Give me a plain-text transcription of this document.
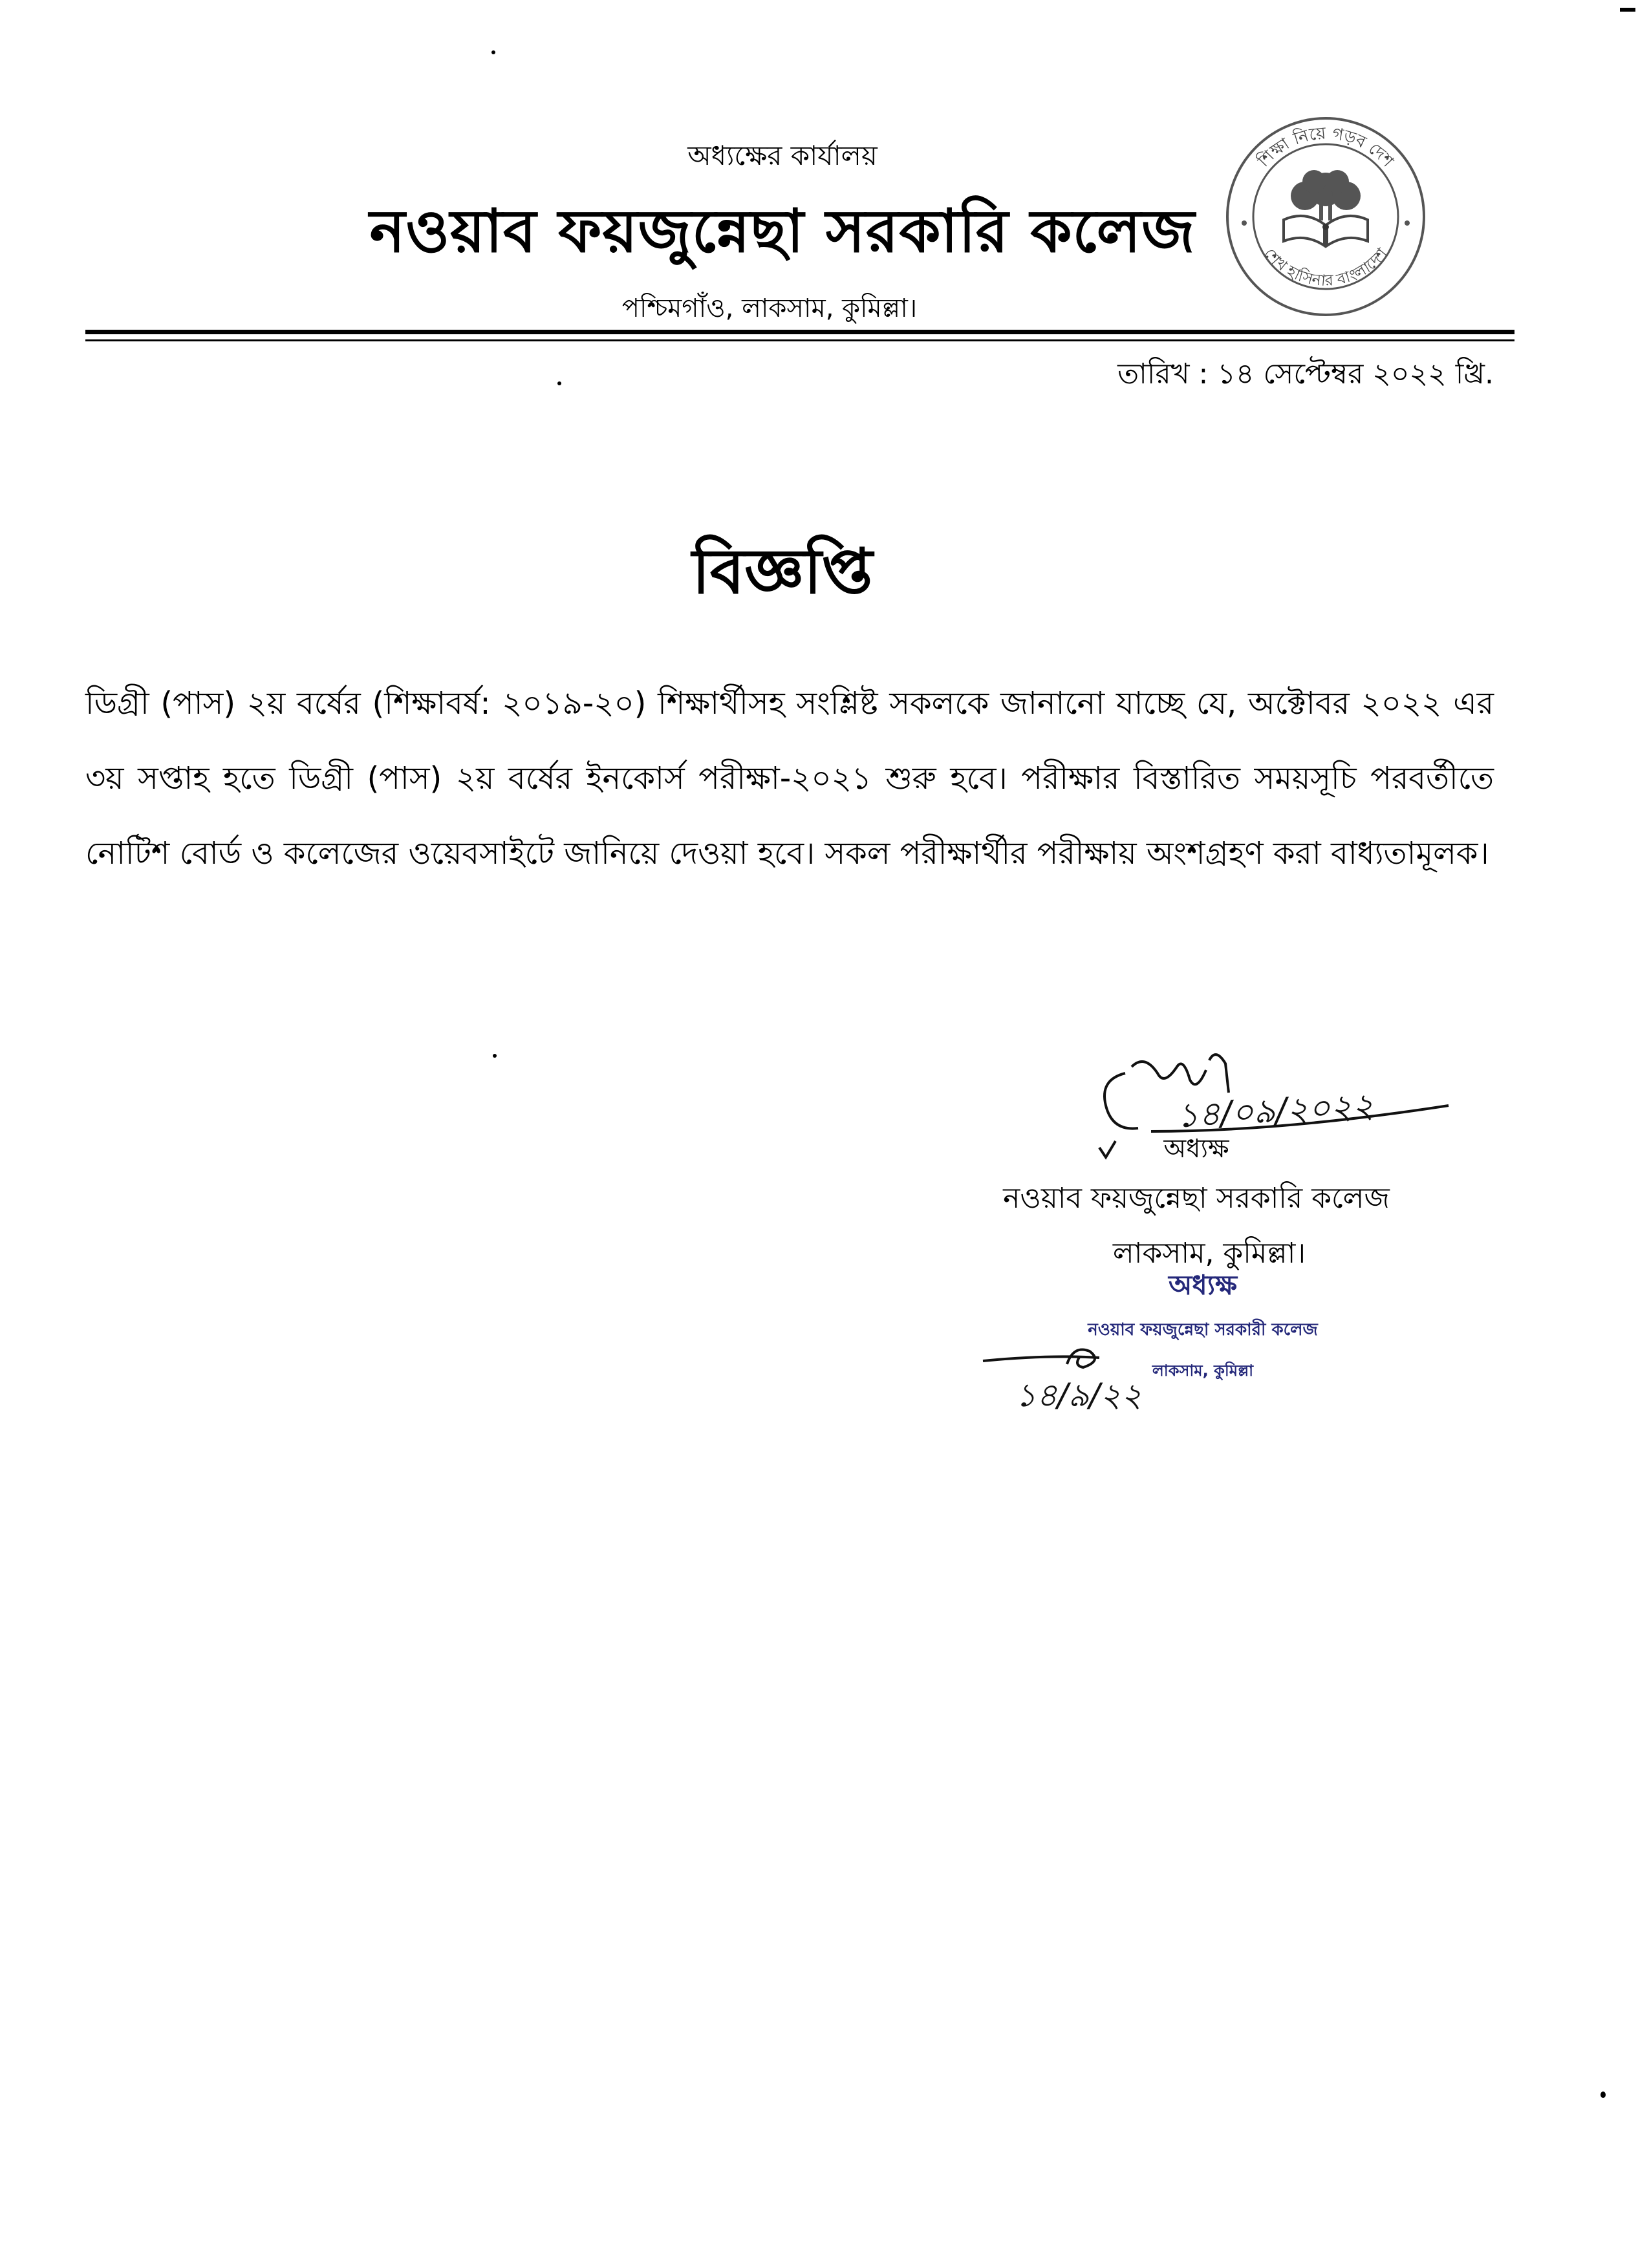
অধ্যক্ষের কার্যালয়
নওয়াব ফয়জুন্নেছা সরকারি কলেজ
পশ্চিমগাঁও, লাকসাম, কুমিল্লা।
শিক্ষা নিয়ে গড়ব দেশ
শেখ হাসিনার বাংলাদেশ
তারিখ : ১৪ সেপ্টেম্বর ২০২২ খ্রি.
বিজ্ঞপ্তি
ডিগ্রী (পাস) ২য় বর্ষের (শিক্ষাবর্ষ: ২০১৯-২০) শিক্ষার্থীসহ সংশ্লিষ্ট সকলকে জানানো যাচ্ছে যে, অক্টোবর ২০২২ এর ৩য় সপ্তাহ হতে ডিগ্রী (পাস) ২য় বর্ষের ইনকোর্স পরীক্ষা-২০২১ শুরু হবে। পরীক্ষার বিস্তারিত সময়সূচি পরবর্তীতে নোটিশ বোর্ড ও কলেজের ওয়েবসাইটে জানিয়ে দেওয়া হবে। সকল পরীক্ষার্থীর পরীক্ষায় অংশগ্রহণ করা বাধ্যতামূলক।
১৪/০৯/২০২২
অধ্যক্ষ
নওয়াব ফয়জুন্নেছা সরকারি কলেজ
লাকসাম, কুমিল্লা।
অধ্যক্ষ
নওয়াব ফয়জুন্নেছা সরকারী কলেজ
লাকসাম, কুমিল্লা
১৪/৯/২২
